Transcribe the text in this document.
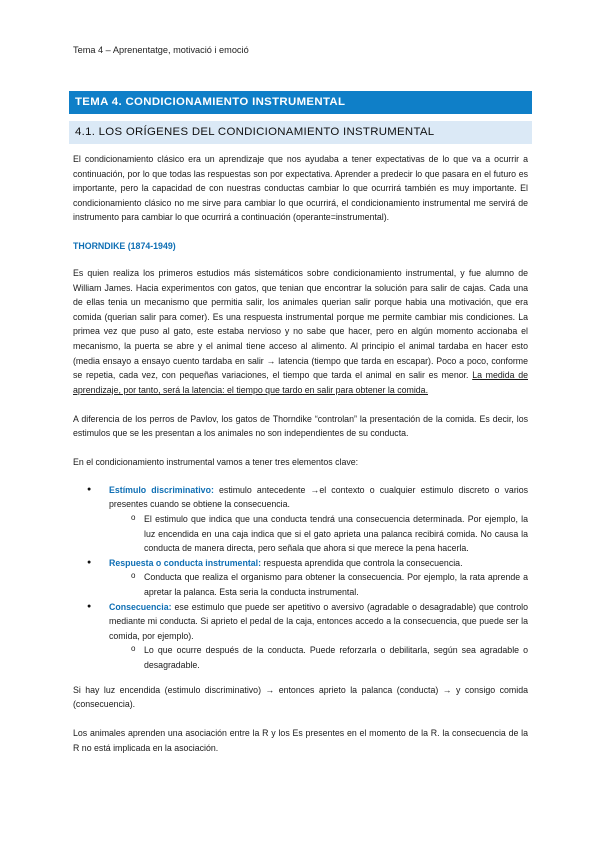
Tema 4 – Aprenentatge, motivació i emoció
TEMA 4. CONDICIONAMIENTO INSTRUMENTAL
4.1. LOS ORÍGENES DEL CONDICIONAMIENTO INSTRUMENTAL

El condicionamiento clásico era un aprendizaje que nos ayudaba a tener expectativas de lo que va a ocurrir a continuación, por lo que todas las respuestas son por expectativa. Aprender a predecir lo que pasara en el futuro es importante, pero la capacidad de con nuestras conductas cambiar lo que ocurrirá también es muy importante. El condicionamiento clásico no me sirve para cambiar lo que ocurrirá, el condicionamiento instrumental me servirá de instrumento para cambiar lo que ocurrirá a continuación (operante=instrumental).

THORNDIKE (1874-1949)

Es quien realiza los primeros estudios más sistemáticos sobre condicionamiento instrumental, y fue alumno de William James. Hacia experimentos con gatos, que tenian que encontrar la solución para salir de cajas. Cada una de ellas tenia un mecanismo que permitia salir, los animales querian salir porque habia una motivación, que era comida (querian salir para comer). Es una respuesta instrumental porque me permite cambiar mis condiciones. La primea vez que puso al gato, este estaba nervioso y no sabe que hacer, pero en algún momento accionaba el mecanismo, la puerta se abre y el animal tiene acceso al alimento. Al principio el animal tardaba en hacer esto (media ensayo a ensayo cuento tardaba en salir → latencia (tiempo que tarda en escapar). Poco a poco, conforme se repetia, cada vez, con pequeñas variaciones, el tiempo que tarda el animal en salir es menor. La medida de aprendizaje, por tanto, será la latencia: el tiempo que tardo en salir para obtener la comida.

A diferencia de los perros de Pavlov, los gatos de Thorndike “controlan” la presentación de la comida. Es decir, los estimulos que se les presentan a los animales no son independientes de su conducta.

En el condicionamiento instrumental vamos a tener tres elementos clave:

● Estímulo discriminativo: estimulo antecedente →el contexto o cualquier estimulo discreto o varios presentes cuando se obtiene la consecuencia.
o El estimulo que indica que una conducta tendrá una consecuencia determinada. Por ejemplo, la luz encendida en una caja indica que si el gato aprieta una palanca recibirá comida. No causa la conducta de manera directa, pero señala que ahora si que merece la pena hacerla.
● Respuesta o conducta instrumental: respuesta aprendida que controla la consecuencia.
o Conducta que realiza el organismo para obtener la consecuencia. Por ejemplo, la rata aprende a apretar la palanca. Esta seria la conducta instrumental.
● Consecuencia: ese estimulo que puede ser apetitivo o aversivo (agradable o desagradable) que controlo mediante mi conducta. Si aprieto el pedal de la caja, entonces accedo a la consecuencia, que puede ser la comida, por ejemplo).
o Lo que ocurre después de la conducta. Puede reforzarla o debilitarla, según sea agradable o desagradable.

Si hay luz encendida (estimulo discriminativo) → entonces aprieto la palanca (conducta) → y consigo comida (consecuencia).

Los animales aprenden una asociación entre la R y los Es presentes en el momento de la R. la consecuencia de la R no está implicada en la asociación.
